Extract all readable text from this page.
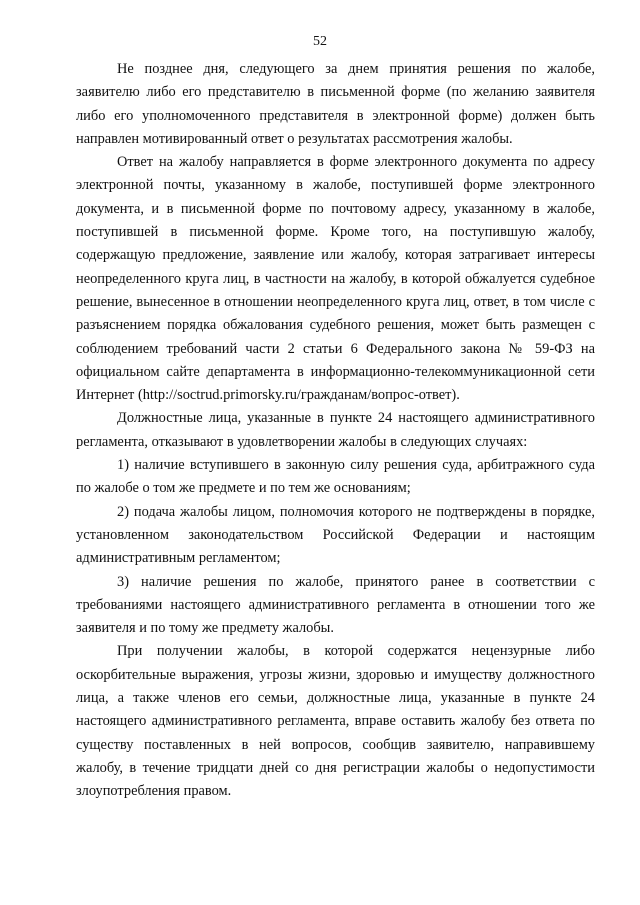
52

Не позднее дня, следующего за днем принятия решения по жалобе, заявителю либо его представителю в письменной форме (по желанию заявителя либо его уполномоченного представителя в электронной форме) должен быть направлен мотивированный ответ о результатах рассмотрения жалобы.

Ответ на жалобу направляется в форме электронного документа по адресу электронной почты, указанному в жалобе, поступившей форме электронного документа, и в письменной форме по почтовому адресу, указанному в жалобе, поступившей в письменной форме. Кроме того, на поступившую жалобу, содержащую предложение, заявление или жалобу, которая затрагивает интересы неопределенного круга лиц, в частности на жалобу, в которой обжалуется судебное решение, вынесенное в отношении неопределенного круга лиц, ответ, в том числе с разъяснением порядка обжалования судебного решения, может быть размещен с соблюдением требований части 2 статьи 6 Федерального закона № 59-ФЗ на официальном сайте департамента в информационно-телекоммуникационной сети Интернет (http://soctrud.primorsky.ru/гражданам/вопрос-ответ).

Должностные лица, указанные в пункте 24 настоящего административного регламента, отказывают в удовлетворении жалобы в следующих случаях:

1) наличие вступившего в законную силу решения суда, арбитражного суда по жалобе о том же предмете и по тем же основаниям;

2) подача жалобы лицом, полномочия которого не подтверждены в порядке, установленном законодательством Российской Федерации и настоящим административным регламентом;

3) наличие решения по жалобе, принятого ранее в соответствии с требованиями настоящего административного регламента в отношении того же заявителя и по тому же предмету жалобы.

При получении жалобы, в которой содержатся нецензурные либо оскорбительные выражения, угрозы жизни, здоровью и имуществу должностного лица, а также членов его семьи, должностные лица, указанные в пункте 24 настоящего административного регламента, вправе оставить жалобу без ответа по существу поставленных в ней вопросов, сообщив заявителю, направившему жалобу, в течение тридцати дней со дня регистрации жалобы о недопустимости злоупотребления правом.
